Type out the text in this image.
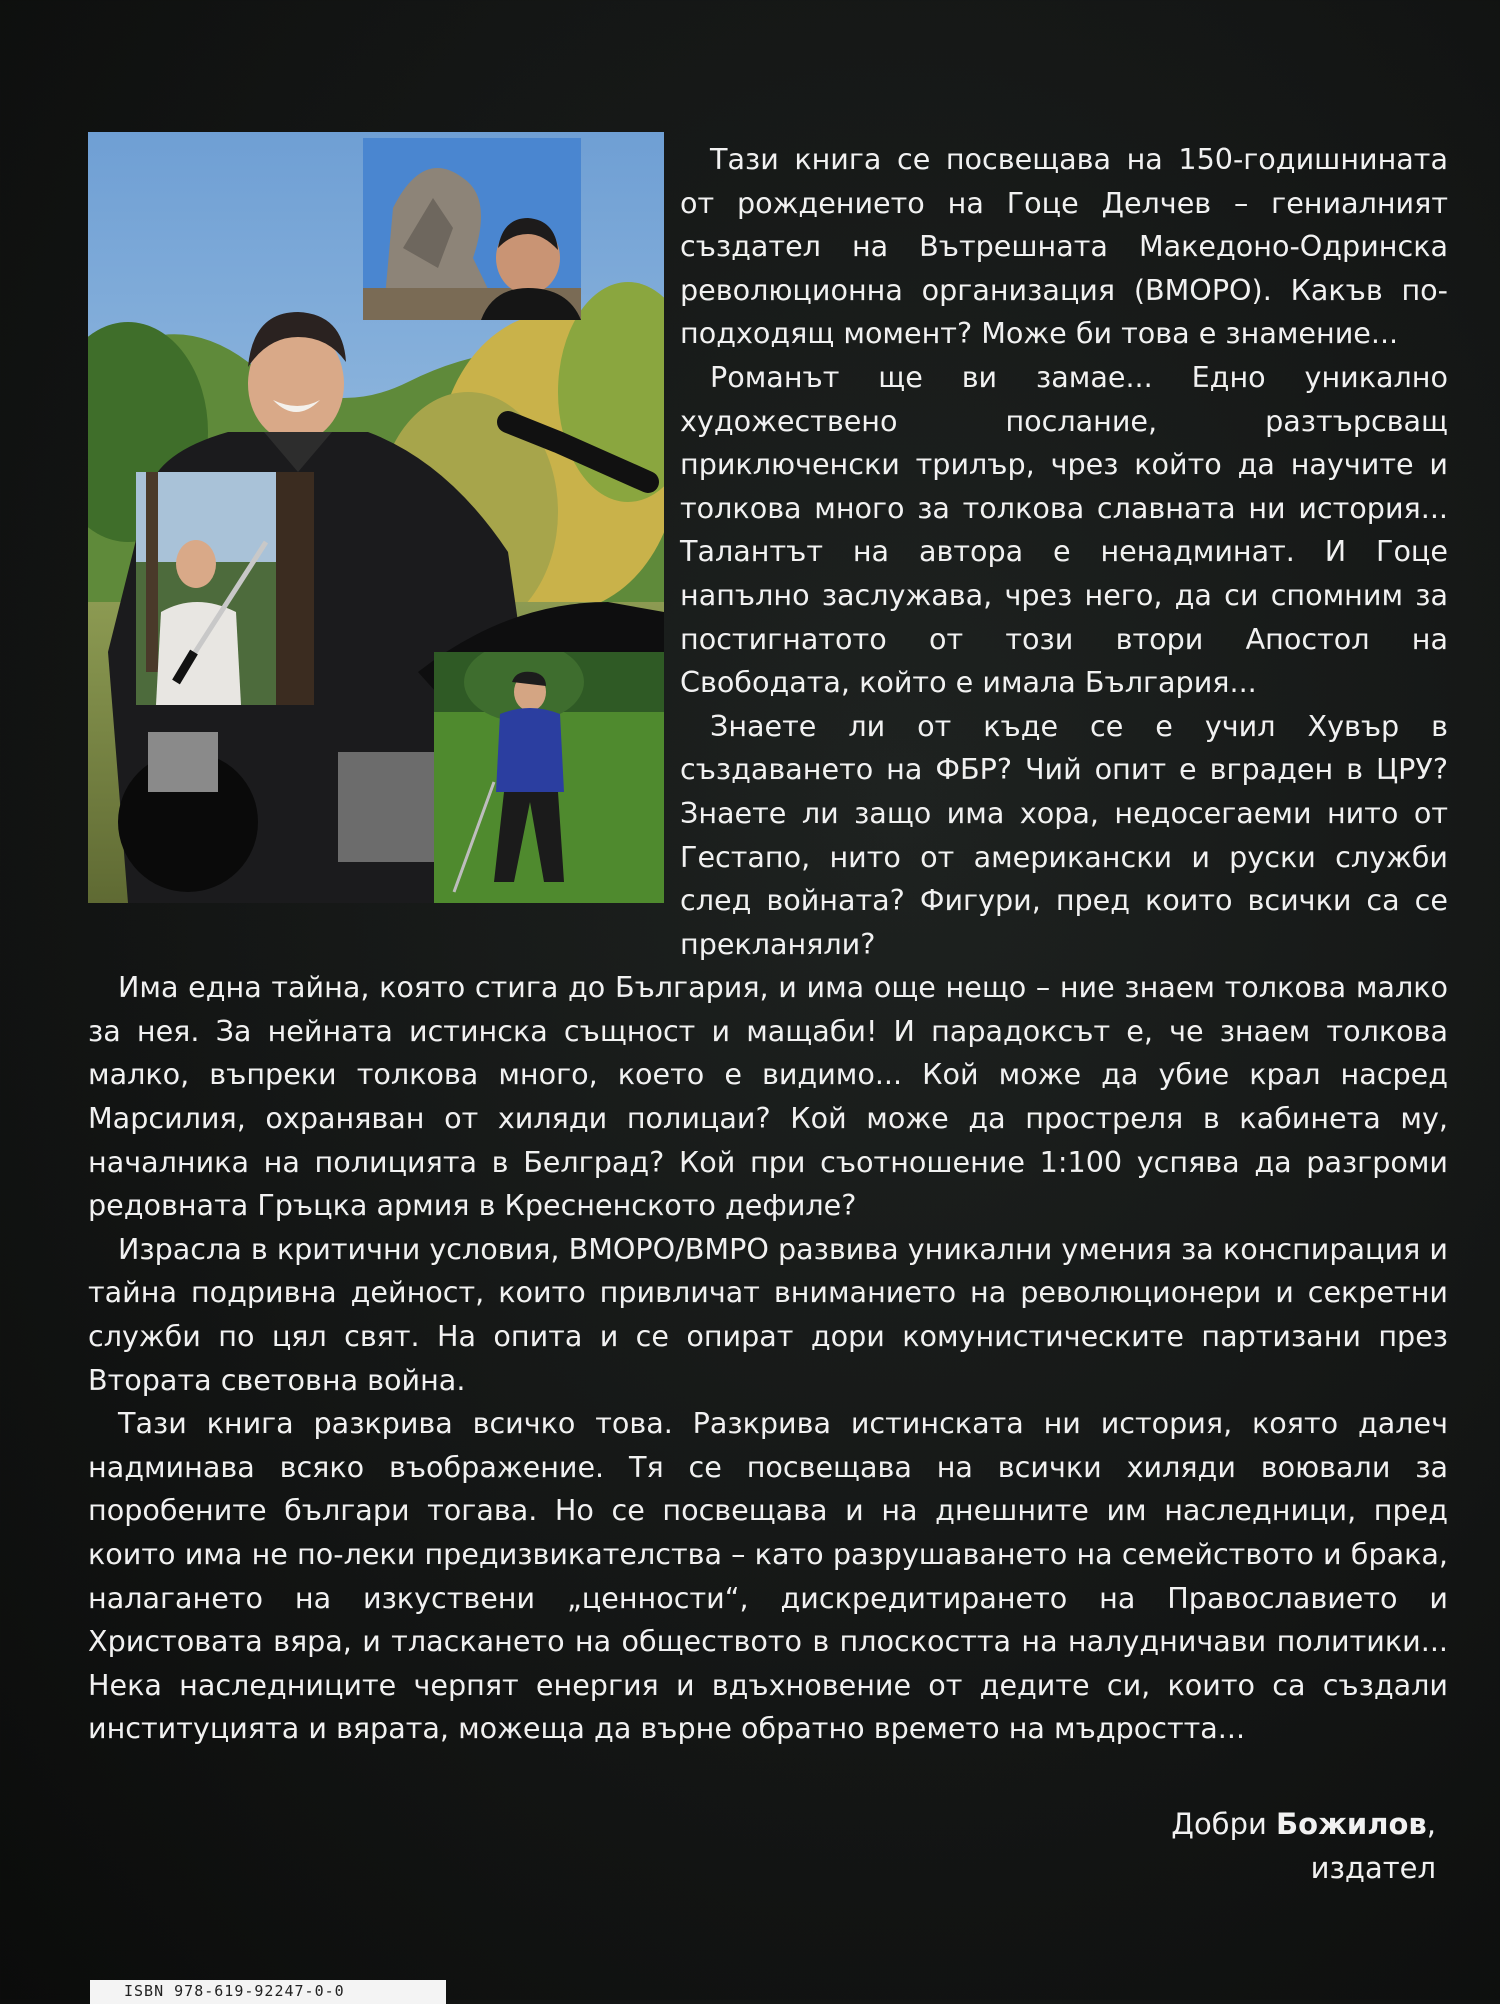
Тази книга се посвещава на 150-годишнината от рождението на Гоце Делчев – гениалният създател на Вътрешната Македоно-Одринска революционна организация (ВМОРО). Какъв по-подходящ момент? Може би това е знамение...

Романът ще ви замае... Едно уникално художествено послание, разтърсващ приключенски трилър, чрез който да научите и толкова много за толкова славната ни история... Талантът на автора е ненадминат. И Гоце напълно заслужава, чрез него, да си спомним за постигнатото от този втори Апостол на Свободата, който е имала България...

Знаете ли от къде се е учил Хувър в създаването на ФБР? Чий опит е вграден в ЦРУ? Знаете ли защо има хора, недосегаеми нито от Гестапо, нито от американски и руски служби след войната? Фигури, пред които всички са се прекланяли?

Има една тайна, която стига до България, и има още нещо – ние знаем толкова малко за нея. За нейната истинска същност и мащаби! И парадоксът е, че знаем толкова малко, въпреки толкова много, което е видимо... Кой може да убие крал насред Марсилия, охраняван от хиляди полицаи? Кой може да простреля в кабинета му, началника на полицията в Белград? Кой при съотношение 1:100 успява да разгроми редовната Гръцка армия в Кресненското дефиле?

Израсла в критични условия, ВМОРО/ВМРО развива уникални умения за конспирация и тайна подривна дейност, които привличат вниманието на революционери и секретни служби по цял свят. На опита и се опират дори комунистическите партизани през Втората световна война.

Тази книга разкрива всичко това. Разкрива истинската ни история, която далеч надминава всяко въображение. Тя се посвещава на всички хиляди воювали за поробените българи тогава. Но се посвещава и на днешните им наследници, пред които има не по-леки предизвикателства – като разрушаването на семейството и брака, налагането на изкуствени „ценности“, дискредитирането на Православието и Христовата вяра, и тласкането на обществото в плоскостта на налудничави политики... Нека наследниците черпят енергия и вдъхновение от дедите си, които са създали институцията и вярата, можеща да върне обратно времето на мъдростта...

Добри Божилов,
издател
ISBN 978-619-92247-0-0
